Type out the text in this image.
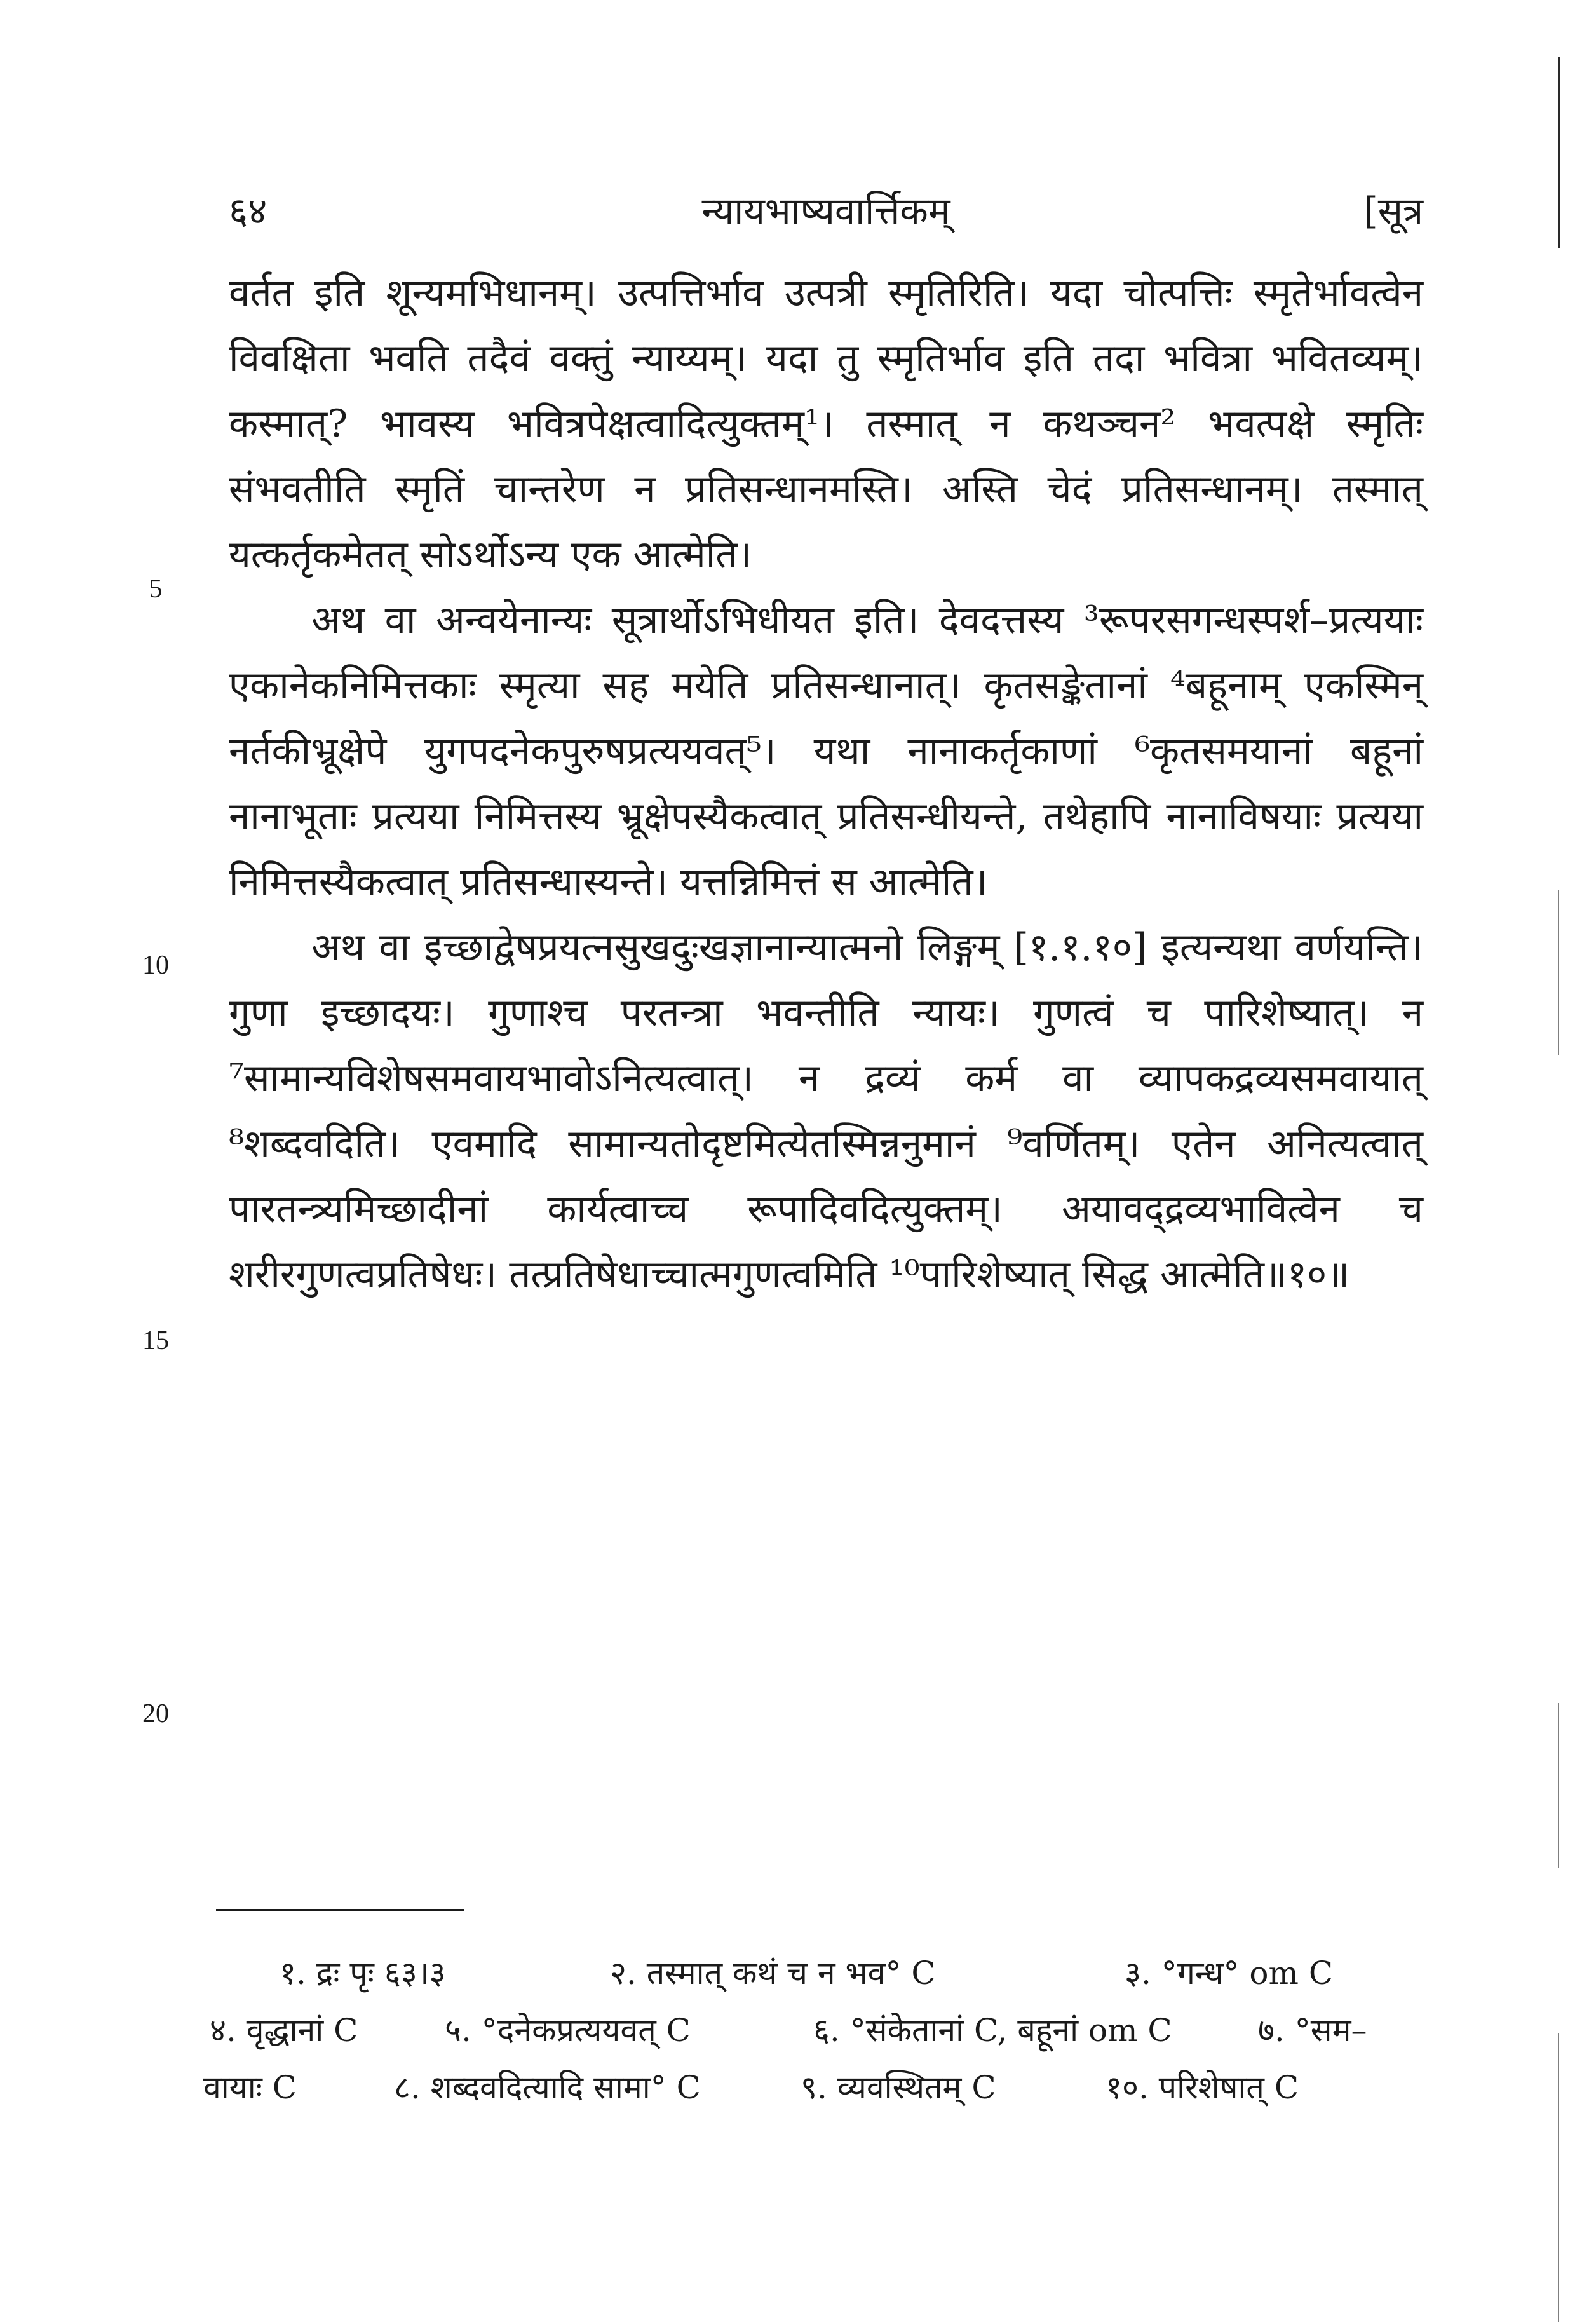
६४	न्यायभाष्यवार्त्तिकम्	[सूत्र

वर्तत इति शून्यमभिधानम्। उत्पत्तिर्भाव उत्पत्री स्मृतिरिति। यदा चोत्पत्तिः स्मृतेर्भावत्वेन विवक्षिता भवति तदैवं वक्तुं न्याय्यम्। यदा तु स्मृतिर्भाव इति तदा भवित्रा भवितव्यम्। कस्मात्? भावस्य भवित्रपेक्षत्वादित्युक्तम्¹। तस्मात् न कथञ्चन² भवत्पक्षे स्मृतिः संभवतीति स्मृतिं चान्तरेण न प्रतिसन्धानमस्ति। अस्ति चेदं प्रतिसन्धानम्। तस्मात् यत्कर्तृकमेतत् सोऽर्थोऽन्य एक आत्मेति।

अथ वा अन्वयेनान्यः सूत्रार्थोऽभिधीयत इति। देवदत्तस्य ³रूपरसगन्धस्पर्श–प्रत्ययाः एकानेकनिमित्तकाः स्मृत्या सह मयेति प्रतिसन्धानात्। कृतसङ्केतानां ⁴बहूनाम् एकस्मिन् नर्तकीभ्रूक्षेपे युगपदनेकपुरुषप्रत्ययवत्⁵। यथा नानाकर्तृकाणां ⁶कृतसमयानां बहूनां नानाभूताः प्रत्यया निमित्तस्य भ्रूक्षेपस्यैकत्वात् प्रतिसन्धीयन्ते, तथेहापि नानाविषयाः प्रत्यया निमित्तस्यैकत्वात् प्रतिसन्धास्यन्ते। यत्तन्निमित्तं स आत्मेति।

अथ वा इच्छाद्वेषप्रयत्नसुखदुःखज्ञानान्यात्मनो लिङ्गम् [१.१.१०] इत्यन्यथा वर्णयन्ति। गुणा इच्छादयः। गुणाश्च परतन्त्रा भवन्तीति न्यायः। गुणत्वं च पारिशेष्यात्। न ⁷सामान्यविशेषसमवायभावोऽनित्यत्वात्। न द्रव्यं कर्म वा व्यापकद्रव्यसमवायात् ⁸शब्दवदिति। एवमादि सामान्यतोदृष्टमित्येतस्मिन्ननुमानं ⁹वर्णितम्। एतेन अनित्यत्वात् पारतन्त्र्यमिच्छादीनां कार्यत्वाच्च रूपादिवदित्युक्तम्। अयावद्द्रव्यभावित्वेन च शरीरगुणत्वप्रतिषेधः। तत्प्रतिषेधाच्चात्मगुणत्वमिति ¹⁰पारिशेष्यात् सिद्ध आत्मेति॥१०॥

5
10
15
20
१. द्रः पृः ६३।३	२. तस्मात् कथं च न भव° C	३. °गन्ध° om C
४. वृद्धानां C	५. °दनेकप्रत्ययवत् C	६. °संकेतानां C, बहूनां om C	७. °सम–
वायाः C	८. शब्दवदित्यादि सामा° C	९. व्यवस्थितम् C	१०. परिशेषात् C
